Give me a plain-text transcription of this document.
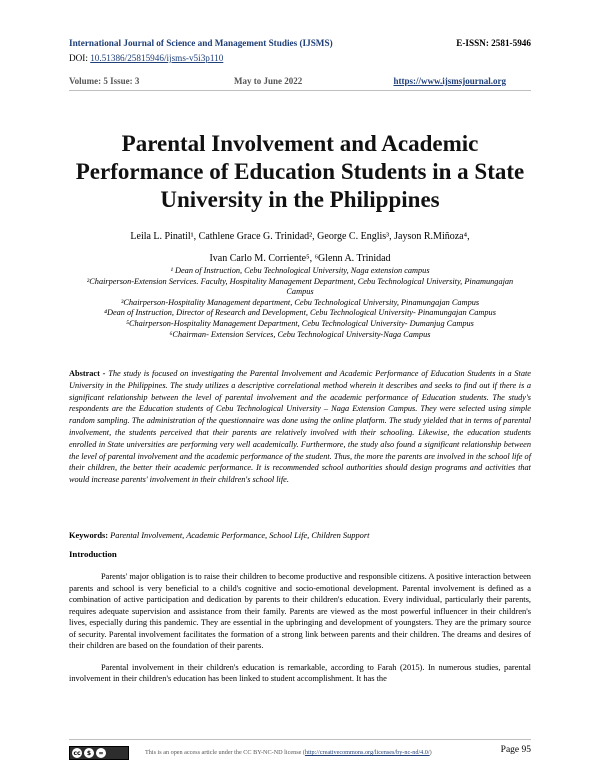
International Journal of Science and Management Studies (IJSMS)	E-ISSN: 2581-5946
DOI: 10.51386/25815946/ijsms-v5i3p110
Volume: 5 Issue: 3	May to June 2022	https://www.ijsmsjournal.org
Parental Involvement and Academic Performance of Education Students in a State University in the Philippines
Leila L. Pinatil¹, Cathlene Grace G. Trinidad², George C. Englis³, Jayson R.Miñoza⁴,
Ivan Carlo M. Corriente⁵, ⁶Glenn A. Trinidad

¹ Dean of Instruction, Cebu Technological University, Naga extension campus

²Chairperson-Extension Services. Faculty, Hospitality Management Department, Cebu Technological University, Pinamungajan Campus

³Chairperson-Hospitality Management department, Cebu Technological University, Pinamungajan Campus

⁴Dean of Instruction, Director of Research and Development, Cebu Technological University- Pinamungajan Campus

⁵Chairperson-Hospitality Management Department, Cebu Technological University- Dumanjug Campus

⁶Chairman- Extension Services, Cebu Technological University-Naga Campus

Abstract - The study is focused on investigating the Parental Involvement and Academic Performance of Education Students in a State University in the Philippines. The study utilizes a descriptive correlational method wherein it describes and seeks to find out if there is a significant relationship between the level of parental involvement and the academic performance of Education students. The study's respondents are the Education students of Cebu Technological University – Naga Extension Campus. They were selected using simple random sampling. The administration of the questionnaire was done using the online platform. The study yielded that in terms of parental involvement, the students perceived that their parents are relatively involved with their schooling. Likewise, the education students enrolled in State universities are performing very well academically. Furthermore, the study also found a significant relationship between the level of parental involvement and the academic performance of the student. Thus, the more the parents are involved in the school life of their children, the better their academic performance. It is recommended school authorities should design programs and activities that would increase parents' involvement in their children's school life.
Keywords: Parental Involvement, Academic Performance, School Life, Children Support
Introduction

Parents' major obligation is to raise their children to become productive and responsible citizens. A positive interaction between parents and school is very beneficial to a child's cognitive and socio-emotional development. Parental involvement is defined as a combination of active participation and dedication by parents to their children's education. Every individual, particularly their parents, requires adequate supervision and assistance from their family. Parents are viewed as the most powerful influencer in their children's lives, especially during this pandemic. They are essential in the upbringing and development of youngsters. They are the primary source of security. Parental involvement facilitates the formation of a strong link between parents and their children. The dreams and desires of their children are based on the foundation of their parents.

Parental involvement in their children's education is remarkable, according to Farah (2015). In numerous studies, parental involvement in their children's education has been linked to student accomplishment. It has the

cc	$	=	This is an open access article under the CC BY-NC-ND license (http://creativecommons.org/licenses/by-nc-nd/4.0/)	Page 95
